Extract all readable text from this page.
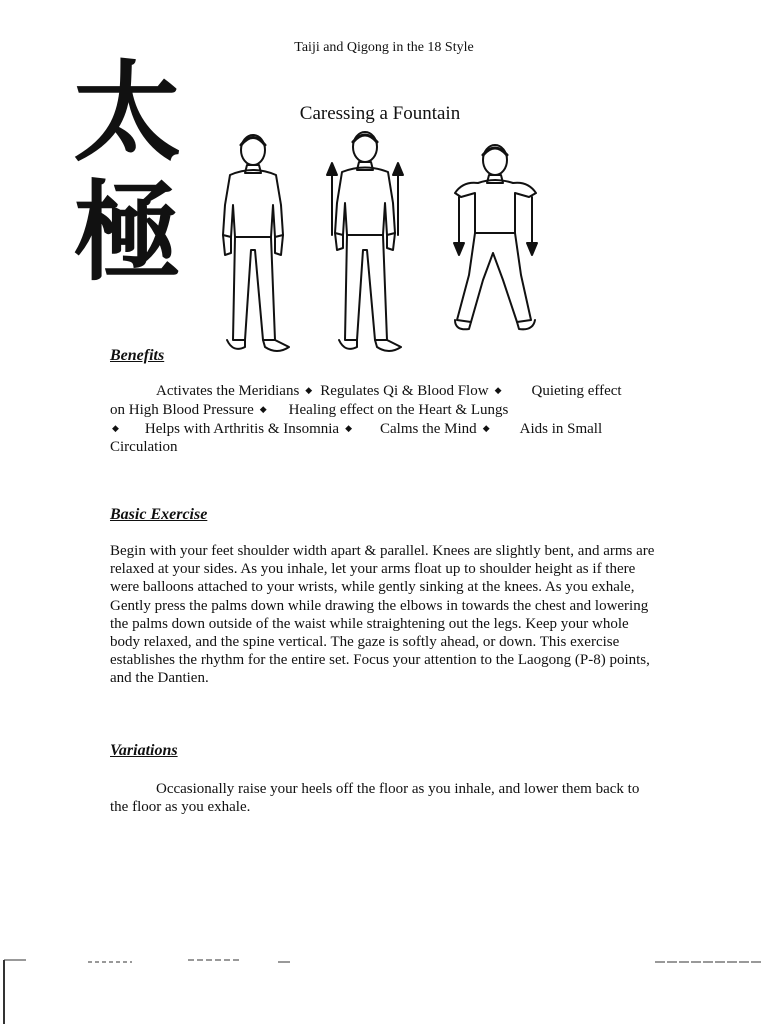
Taiji and Qigong in the 18 Style
太
極
Caressing a Fountain
Benefits
Activates the Meridians ◆ Regulates Qi & Blood Flow ◆ Quieting effect on High Blood Pressure ◆ Healing effect on the Heart & Lungs
◆ Helps with Arthritis & Insomnia ◆ Calms the Mind ◆ Aids in Small Circulation
Basic Exercise
Begin with your feet shoulder width apart & parallel. Knees are slightly bent, and arms are relaxed at your sides. As you inhale, let your arms float up to shoulder height as if there were balloons attached to your wrists, while gently sinking at the knees. As you exhale, Gently press the palms down while drawing the elbows in towards the chest and lowering the palms down outside of the waist while straightening out the legs. Keep your whole body relaxed, and the spine vertical. The gaze is softly ahead, or down. This exercise establishes the rhythm for the entire set. Focus your attention to the Laogong (P-8) points, and the Dantien.
Variations
Occasionally raise your heels off the floor as you inhale, and lower them back to the floor as you exhale.
